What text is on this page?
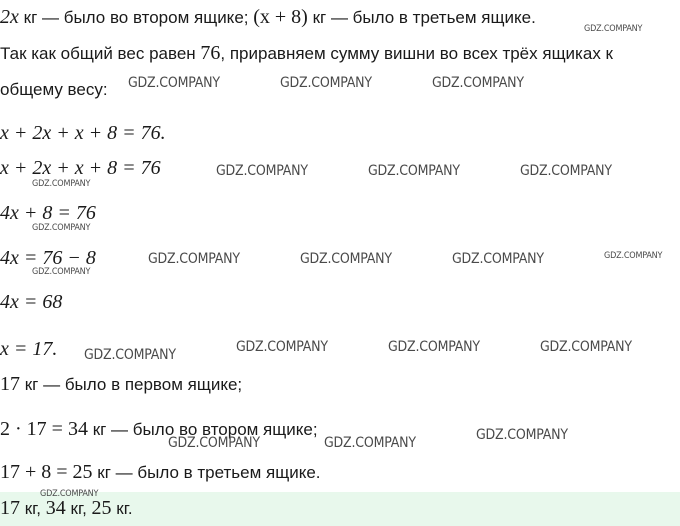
2x кг — было во втором ящике; (x + 8) кг — было в третьем ящике.
Так как общий вес равен 76, приравняем сумму вишни во всех трёх ящиках к
общему весу:
x + 2x + x + 8 = 76.
x + 2x + x + 8 = 76
4x + 8 = 76
4x = 76 − 8
4x = 68
x = 17.
17 кг — было в первом ящике;
2 · 17 = 34 кг — было во втором ящике;
17 + 8 = 25 кг — было в третьем ящике.
17 кг, 34 кг, 25 кг.
GDZ.COMPANY
GDZ.COMPANY	GDZ.COMPANY	GDZ.COMPANY
GDZ.COMPANY	GDZ.COMPANY	GDZ.COMPANY
GDZ.COMPANY
GDZ.COMPANY
GDZ.COMPANY	GDZ.COMPANY	GDZ.COMPANY	GDZ.COMPANY
GDZ.COMPANY
GDZ.COMPANY	GDZ.COMPANY	GDZ.COMPANY
GDZ.COMPANY
GDZ.COMPANY
GDZ.COMPANY	GDZ.COMPANY
GDZ.COMPANY
